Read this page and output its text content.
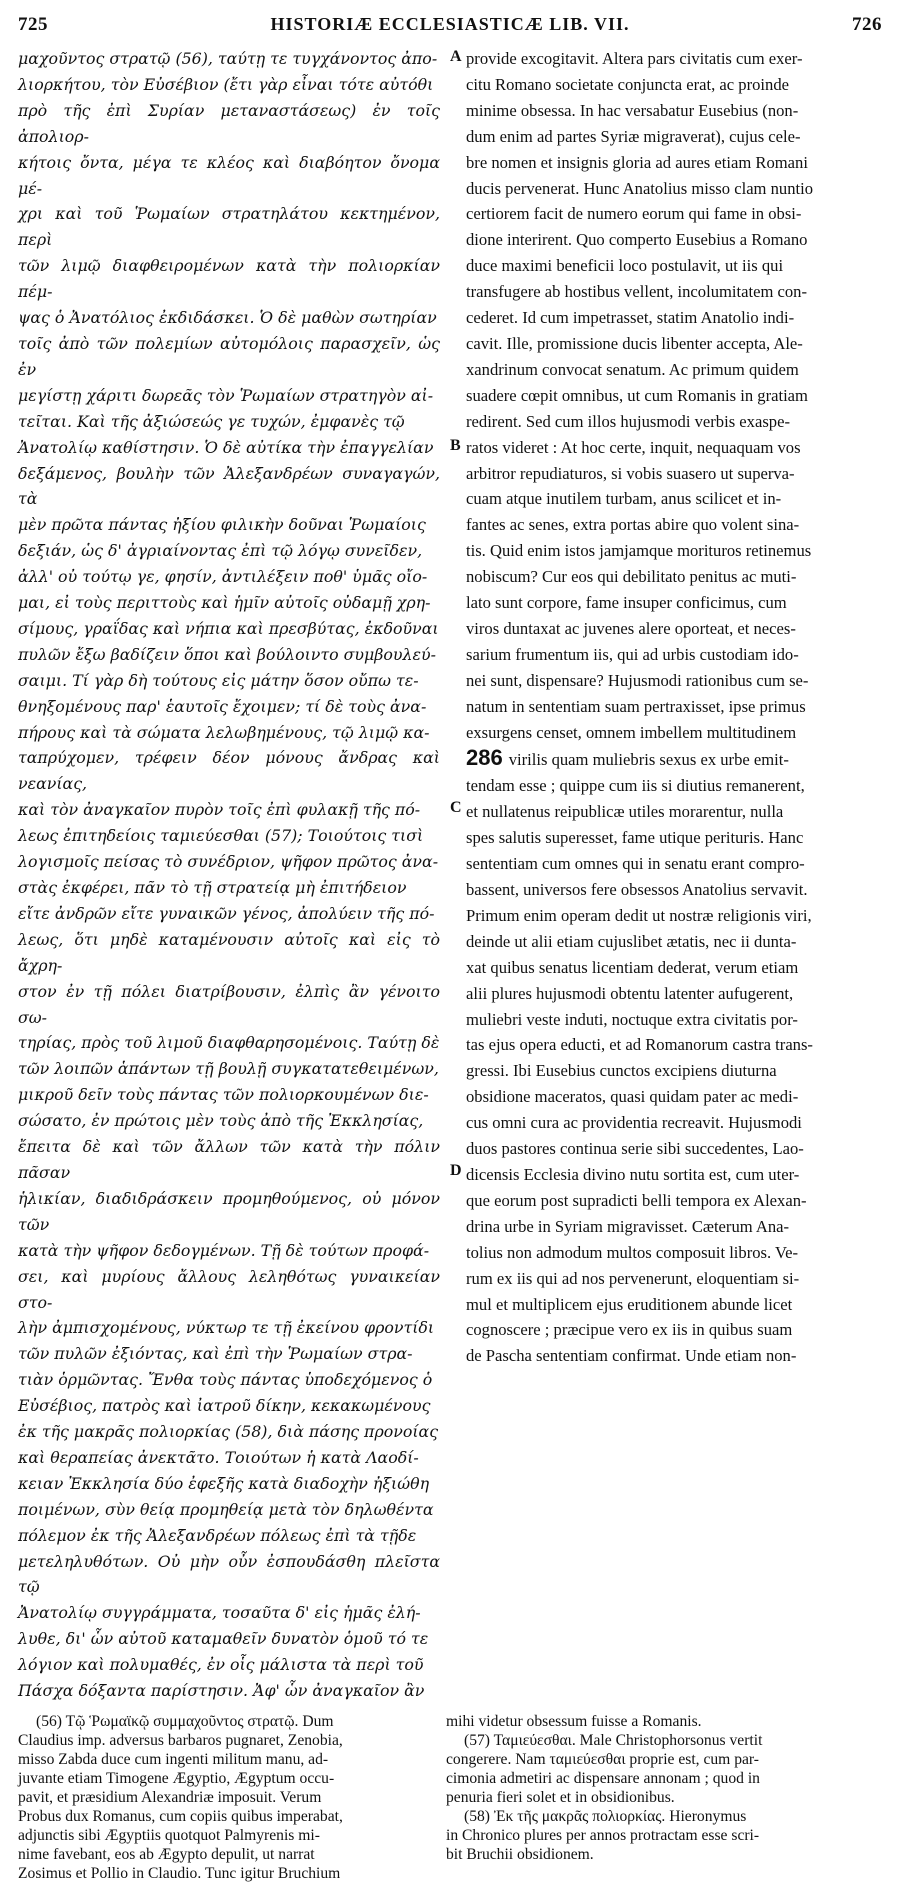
725	HISTORIÆ ECCLESIASTICÆ LIB. VII.	726

μαχοῦντος στρατῷ (56), ταύτῃ τε τυγχάνοντος ἀπο-

λιορκήτου, τὸν Εὐσέβιον (ἔτι γὰρ εἶναι τότε αὐτόθι

πρὸ τῆς ἐπὶ Συρίαν μεταναστάσεως) ἐν τοῖς ἀπολιορ-

κήτοις ὄντα, μέγα τε κλέος καὶ διαβόητον ὄνομα μέ-

χρι καὶ τοῦ Ῥωμαίων στρατηλάτου κεκτημένον, περὶ

τῶν λιμῷ διαφθειρομένων κατὰ τὴν πολιορκίαν πέμ-

ψας ὁ Ἀνατόλιος ἐκδιδάσκει. Ὁ δὲ μαθὼν σωτηρίαν

τοῖς ἀπὸ τῶν πολεμίων αὐτομόλοις παρασχεῖν, ὡς ἐν

μεγίστῃ χάριτι δωρεᾶς τὸν Ῥωμαίων στρατηγὸν αἰ-

τεῖται. Καὶ τῆς ἀξιώσεώς γε τυχών, ἐμφανὲς τῷ

Ἀνατολίῳ καθίστησιν. Ὁ δὲ αὐτίκα τὴν ἐπαγγελίαν

δεξάμενος, βουλὴν τῶν Ἀλεξανδρέων συναγαγών, τὰ

μὲν πρῶτα πάντας ἠξίου φιλικὴν δοῦναι Ῥωμαίοις

δεξιάν, ὡς δ' ἀγριαίνοντας ἐπὶ τῷ λόγῳ συνεῖδεν,

ἀλλ' οὐ τούτῳ γε, φησίν, ἀντιλέξειν ποθ' ὑμᾶς οἴο-

μαι, εἰ τοὺς περιττοὺς καὶ ἡμῖν αὐτοῖς οὐδαμῇ χρη-

σίμους, γραΐδας καὶ νήπια καὶ πρεσβύτας, ἐκδοῦναι

πυλῶν ἔξω βαδίζειν ὅποι καὶ βούλοιντο συμβουλεύ-

σαιμι. Τί γὰρ δὴ τούτους εἰς μάτην ὅσον οὔπω τε-

θνηξομένους παρ' ἑαυτοῖς ἔχοιμεν; τί δὲ τοὺς ἀνα-

πήρους καὶ τὰ σώματα λελωβημένους, τῷ λιμῷ κα-

ταπρύχομεν, τρέφειν δέον μόνους ἄνδρας καὶ νεανίας,

καὶ τὸν ἀναγκαῖον πυρὸν τοῖς ἐπὶ φυλακῇ τῆς πό-

λεως ἐπιτηδείοις ταμιεύεσθαι (57); Τοιούτοις τισὶ

λογισμοῖς πείσας τὸ συνέδριον, ψῆφον πρῶτος ἀνα-

στὰς ἐκφέρει, πᾶν τὸ τῇ στρατείᾳ μὴ ἐπιτήδειον

εἴτε ἀνδρῶν εἴτε γυναικῶν γένος, ἀπολύειν τῆς πό-

λεως, ὅτι μηδὲ καταμένουσιν αὐτοῖς καὶ εἰς τὸ ἄχρη-

στον ἐν τῇ πόλει διατρίβουσιν, ἐλπὶς ἂν γένοιτο σω-

τηρίας, πρὸς τοῦ λιμοῦ διαφθαρησομένοις. Ταύτῃ δὲ

τῶν λοιπῶν ἁπάντων τῇ βουλῇ συγκατατεθειμένων,

μικροῦ δεῖν τοὺς πάντας τῶν πολιορκουμένων διε-

σώσατο, ἐν πρώτοις μὲν τοὺς ἀπὸ τῆς Ἐκκλησίας,

ἔπειτα δὲ καὶ τῶν ἄλλων τῶν κατὰ τὴν πόλιν πᾶσαν

ἡλικίαν, διαδιδράσκειν προμηθούμενος, οὐ μόνον τῶν

κατὰ τὴν ψῆφον δεδογμένων. Τῇ δὲ τούτων προφά-

σει, καὶ μυρίους ἄλλους λεληθότως γυναικείαν στο-

λὴν ἀμπισχομένους, νύκτωρ τε τῇ ἐκείνου φροντίδι

τῶν πυλῶν ἐξιόντας, καὶ ἐπὶ τὴν Ῥωμαίων στρα-

τιὰν ὁρμῶντας. Ἔνθα τοὺς πάντας ὑποδεχόμενος ὁ

Εὐσέβιος, πατρὸς καὶ ἰατροῦ δίκην, κεκακωμένους

ἐκ τῆς μακρᾶς πολιορκίας (58), διὰ πάσης προνοίας

καὶ θεραπείας ἀνεκτᾶτο. Τοιούτων ἡ κατὰ Λαοδί-

κειαν Ἐκκλησία δύο ἐφεξῆς κατὰ διαδοχὴν ἠξιώθη

ποιμένων, σὺν θείᾳ προμηθείᾳ μετὰ τὸν δηλωθέντα

πόλεμον ἐκ τῆς Ἀλεξανδρέων πόλεως ἐπὶ τὰ τῇδε

μετεληλυθότων. Οὐ μὴν οὖν ἐσπουδάσθη πλεῖστα τῷ

Ἀνατολίῳ συγγράμματα, τοσαῦτα δ' εἰς ἡμᾶς ἐλή-

λυθε, δι' ὧν αὐτοῦ καταμαθεῖν δυνατὸν ὁμοῦ τό τε

λόγιον καὶ πολυμαθές, ἐν οἷς μάλιστα τὰ περὶ τοῦ

Πάσχα δόξαντα παρίστησιν. Ἀφ' ὧν ἀναγκαῖον ἂν

A
B
C
D

provide excogitavit. Altera pars civitatis cum exer-

citu Romano societate conjuncta erat, ac proinde

minime obsessa. In hac versabatur Eusebius (non-

dum enim ad partes Syriæ migraverat), cujus cele-

bre nomen et insignis gloria ad aures etiam Romani

ducis pervenerat. Hunc Anatolius misso clam nuntio

certiorem facit de numero eorum qui fame in obsi-

dione interirent. Quo comperto Eusebius a Romano

duce maximi beneficii loco postulavit, ut iis qui

transfugere ab hostibus vellent, incolumitatem con-

cederet. Id cum impetrasset, statim Anatolio indi-

cavit. Ille, promissione ducis libenter accepta, Ale-

xandrinum convocat senatum. Ac primum quidem

suadere cœpit omnibus, ut cum Romanis in gratiam

redirent. Sed cum illos hujusmodi verbis exaspe-

ratos videret : At hoc certe, inquit, nequaquam vos

arbitror repudiaturos, si vobis suasero ut superva-

cuam atque inutilem turbam, anus scilicet et in-

fantes ac senes, extra portas abire quo volent sina-

tis. Quid enim istos jamjamque morituros retinemus

nobiscum? Cur eos qui debilitato penitus ac muti-

lato sunt corpore, fame insuper conficimus, cum

viros duntaxat ac juvenes alere oporteat, et neces-

sarium frumentum iis, qui ad urbis custodiam ido-

nei sunt, dispensare? Hujusmodi rationibus cum se-

natum in sententiam suam pertraxisset, ipse primus

exsurgens censet, omnem imbellem multitudinem

286 virilis quam muliebris sexus ex urbe emit-

tendam esse ; quippe cum iis si diutius remanerent,

et nullatenus reipublicæ utiles morarentur, nulla

spes salutis superesset, fame utique perituris. Hanc

sententiam cum omnes qui in senatu erant compro-

bassent, universos fere obsessos Anatolius servavit.

Primum enim operam dedit ut nostræ religionis viri,

deinde ut alii etiam cujuslibet ætatis, nec ii dunta-

xat quibus senatus licentiam dederat, verum etiam

alii plures hujusmodi obtentu latenter aufugerent,

muliebri veste induti, noctuque extra civitatis por-

tas ejus opera educti, et ad Romanorum castra trans-

gressi. Ibi Eusebius cunctos excipiens diuturna

obsidione maceratos, quasi quidam pater ac medi-

cus omni cura ac providentia recreavit. Hujusmodi

duos pastores continua serie sibi succedentes, Lao-

dicensis Ecclesia divino nutu sortita est, cum uter-

que eorum post supradicti belli tempora ex Alexan-

drina urbe in Syriam migravisset. Cæterum Ana-

tolius non admodum multos composuit libros. Ve-

rum ex iis qui ad nos pervenerunt, eloquentiam si-

mul et multiplicem ejus eruditionem abunde licet

cognoscere ; præcipue vero ex iis in quibus suam

de Pascha sententiam confirmat. Unde etiam non-

(56) Τῷ Ῥωμαϊκῷ συμμαχοῦντος στρατῷ. Dum

Claudius imp. adversus barbaros pugnaret, Zenobia,

misso Zabda duce cum ingenti militum manu, ad-

juvante etiam Timogene Ægyptio, Ægyptum occu-

pavit, et præsidium Alexandriæ imposuit. Verum

Probus dux Romanus, cum copiis quibus imperabat,

adjunctis sibi Ægyptiis quotquot Palmyrenis mi-

nime favebant, eos ab Ægypto depulit, ut narrat

Zosimus et Pollio in Claudio. Tunc igitur Bruchium

mihi videtur obsessum fuisse a Romanis.

(57) Ταμιεύεσθαι. Male Christophorsonus vertit

congerere. Nam ταμιεύεσθαι proprie est, cum par-

cimonia admetiri ac dispensare annonam ; quod in

penuria fieri solet et in obsidionibus.

(58) Ἐκ τῆς μακρᾶς πολιορκίας. Hieronymus

in Chronico plures per annos protractam esse scri-

bit Bruchii obsidionem.
